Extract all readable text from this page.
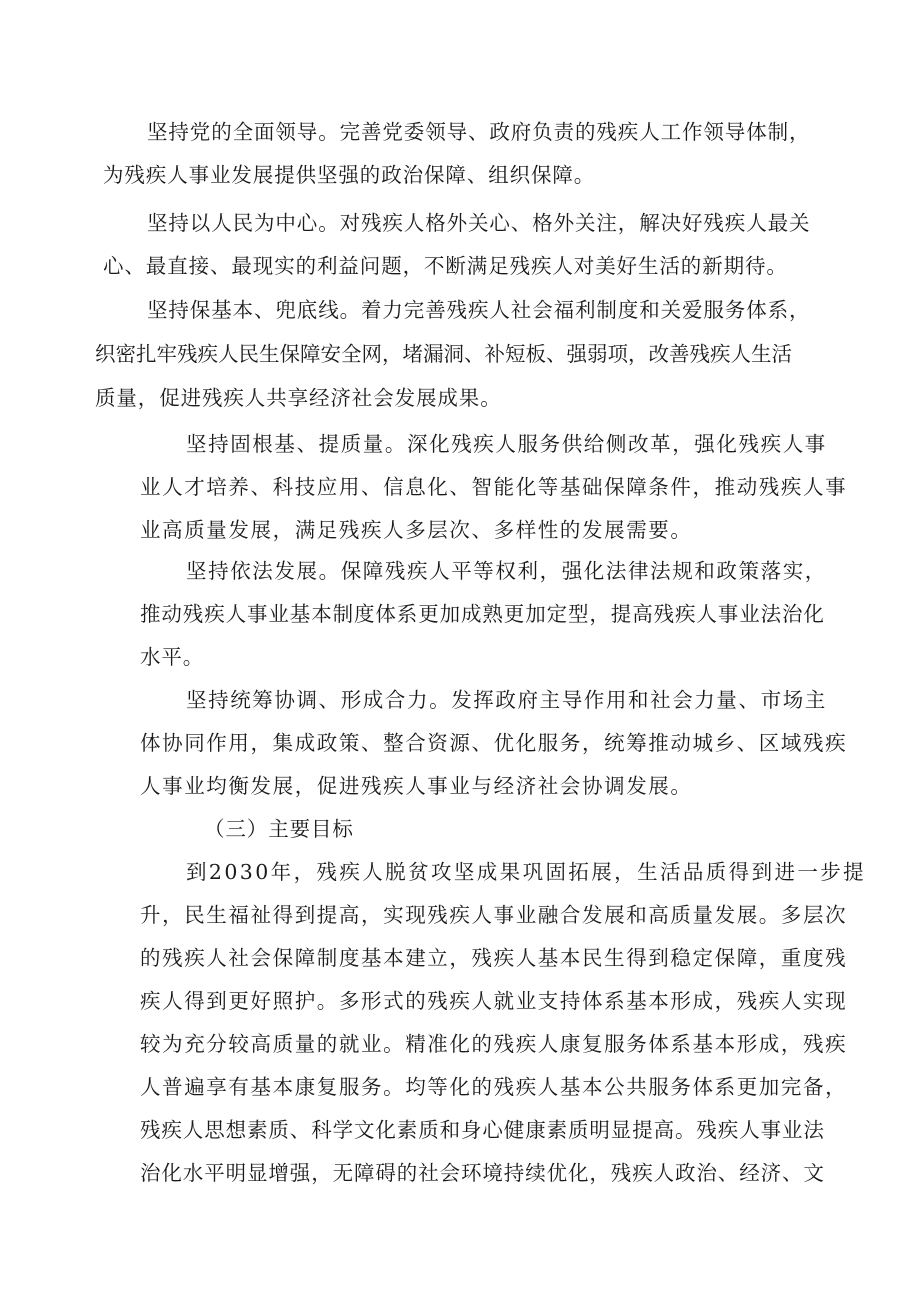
坚持党的全面领导。完善党委领导、政府负责的残疾人工作领导体制，
为残疾人事业发展提供坚强的政治保障、组织保障。
坚持以人民为中心。对残疾人格外关心、格外关注，解决好残疾人最关
心、最直接、最现实的利益问题，不断满足残疾人对美好生活的新期待。
坚持保基本、兜底线。着力完善残疾人社会福利制度和关爱服务体系，
织密扎牢残疾人民生保障安全网，堵漏洞、补短板、强弱项，改善残疾人生活
质量，促进残疾人共享经济社会发展成果。
坚持固根基、提质量。深化残疾人服务供给侧改革，强化残疾人事
业人才培养、科技应用、信息化、智能化等基础保障条件，推动残疾人事
业高质量发展，满足残疾人多层次、多样性的发展需要。
坚持依法发展。保障残疾人平等权利，强化法律法规和政策落实，
推动残疾人事业基本制度体系更加成熟更加定型，提高残疾人事业法治化
水平。
坚持统筹协调、形成合力。发挥政府主导作用和社会力量、市场主
体协同作用，集成政策、整合资源、优化服务，统筹推动城乡、区域残疾
人事业均衡发展，促进残疾人事业与经济社会协调发展。
（三）主要目标
到2030年，残疾人脱贫攻坚成果巩固拓展，生活品质得到进一步提
升，民生福祉得到提高，实现残疾人事业融合发展和高质量发展。多层次
的残疾人社会保障制度基本建立，残疾人基本民生得到稳定保障，重度残
疾人得到更好照护。多形式的残疾人就业支持体系基本形成，残疾人实现
较为充分较高质量的就业。精准化的残疾人康复服务体系基本形成，残疾
人普遍享有基本康复服务。均等化的残疾人基本公共服务体系更加完备，
残疾人思想素质、科学文化素质和身心健康素质明显提高。残疾人事业法
治化水平明显增强，无障碍的社会环境持续优化，残疾人政治、经济、文
